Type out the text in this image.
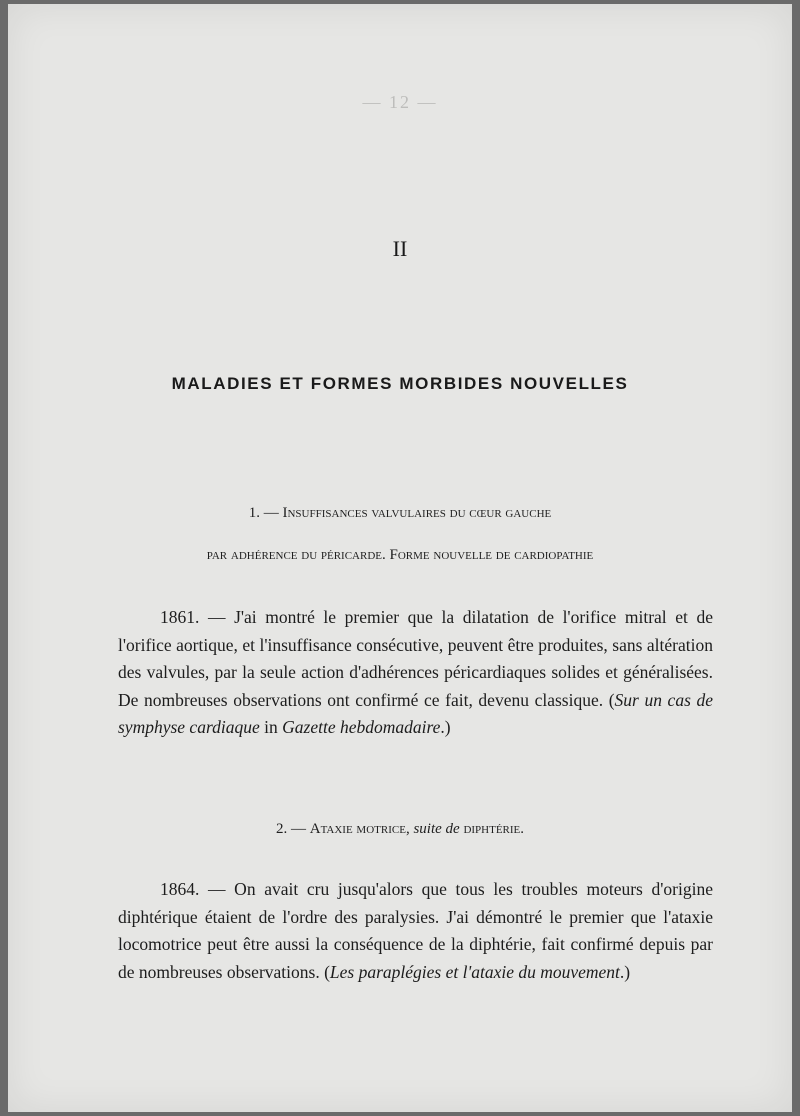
— 12 —
II
MALADIES ET FORMES MORBIDES NOUVELLES
1. — Insuffisances valvulaires du cœur gauche
par adhérence du péricarde. Forme nouvelle de cardiopathie
1861. — J'ai montré le premier que la dilatation de l'orifice mitral et de l'orifice aortique, et l'insuffisance consécutive, peuvent être produites, sans altération des valvules, par la seule action d'adhérences péricardiaques solides et généralisées. De nombreuses observations ont confirmé ce fait, devenu classique. (Sur un cas de symphyse cardiaque in Gazette hebdomadaire.)
2. — Ataxie motrice, suite de diphtérie.
1864. — On avait cru jusqu'alors que tous les troubles moteurs d'origine diphtérique étaient de l'ordre des paralysies. J'ai démontré le premier que l'ataxie locomotrice peut être aussi la conséquence de la diphtérie, fait confirmé depuis par de nombreuses observations. (Les paraplégies et l'ataxie du mouvement.)
